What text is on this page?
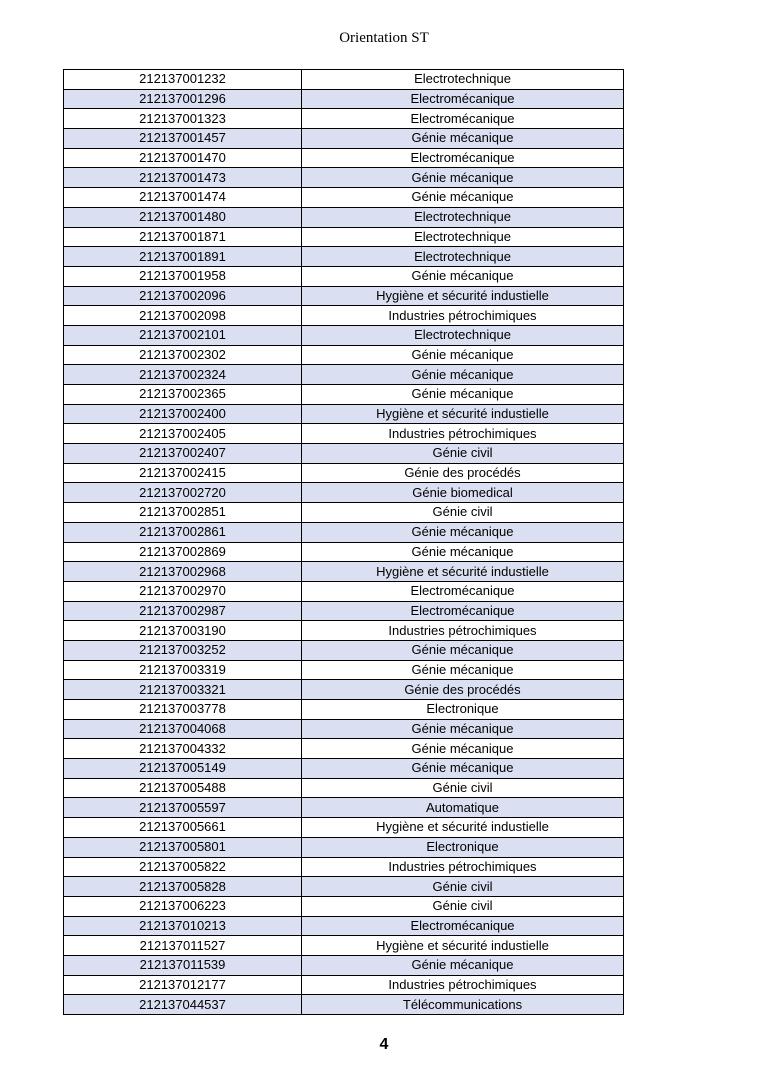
Orientation ST
212137001232	Electrotechnique
212137001296	Electromécanique
212137001323	Electromécanique
212137001457	Génie mécanique
212137001470	Electromécanique
212137001473	Génie mécanique
212137001474	Génie mécanique
212137001480	Electrotechnique
212137001871	Electrotechnique
212137001891	Electrotechnique
212137001958	Génie mécanique
212137002096	Hygiène et sécurité industielle
212137002098	Industries pétrochimiques
212137002101	Electrotechnique
212137002302	Génie mécanique
212137002324	Génie mécanique
212137002365	Génie mécanique
212137002400	Hygiène et sécurité industielle
212137002405	Industries pétrochimiques
212137002407	Génie civil
212137002415	Génie des procédés
212137002720	Génie biomedical
212137002851	Génie civil
212137002861	Génie mécanique
212137002869	Génie mécanique
212137002968	Hygiène et sécurité industielle
212137002970	Electromécanique
212137002987	Electromécanique
212137003190	Industries pétrochimiques
212137003252	Génie mécanique
212137003319	Génie mécanique
212137003321	Génie des procédés
212137003778	Electronique
212137004068	Génie mécanique
212137004332	Génie mécanique
212137005149	Génie mécanique
212137005488	Génie civil
212137005597	Automatique
212137005661	Hygiène et sécurité industielle
212137005801	Electronique
212137005822	Industries pétrochimiques
212137005828	Génie civil
212137006223	Génie civil
212137010213	Electromécanique
212137011527	Hygiène et sécurité industielle
212137011539	Génie mécanique
212137012177	Industries pétrochimiques
212137044537	Télécommunications
4
